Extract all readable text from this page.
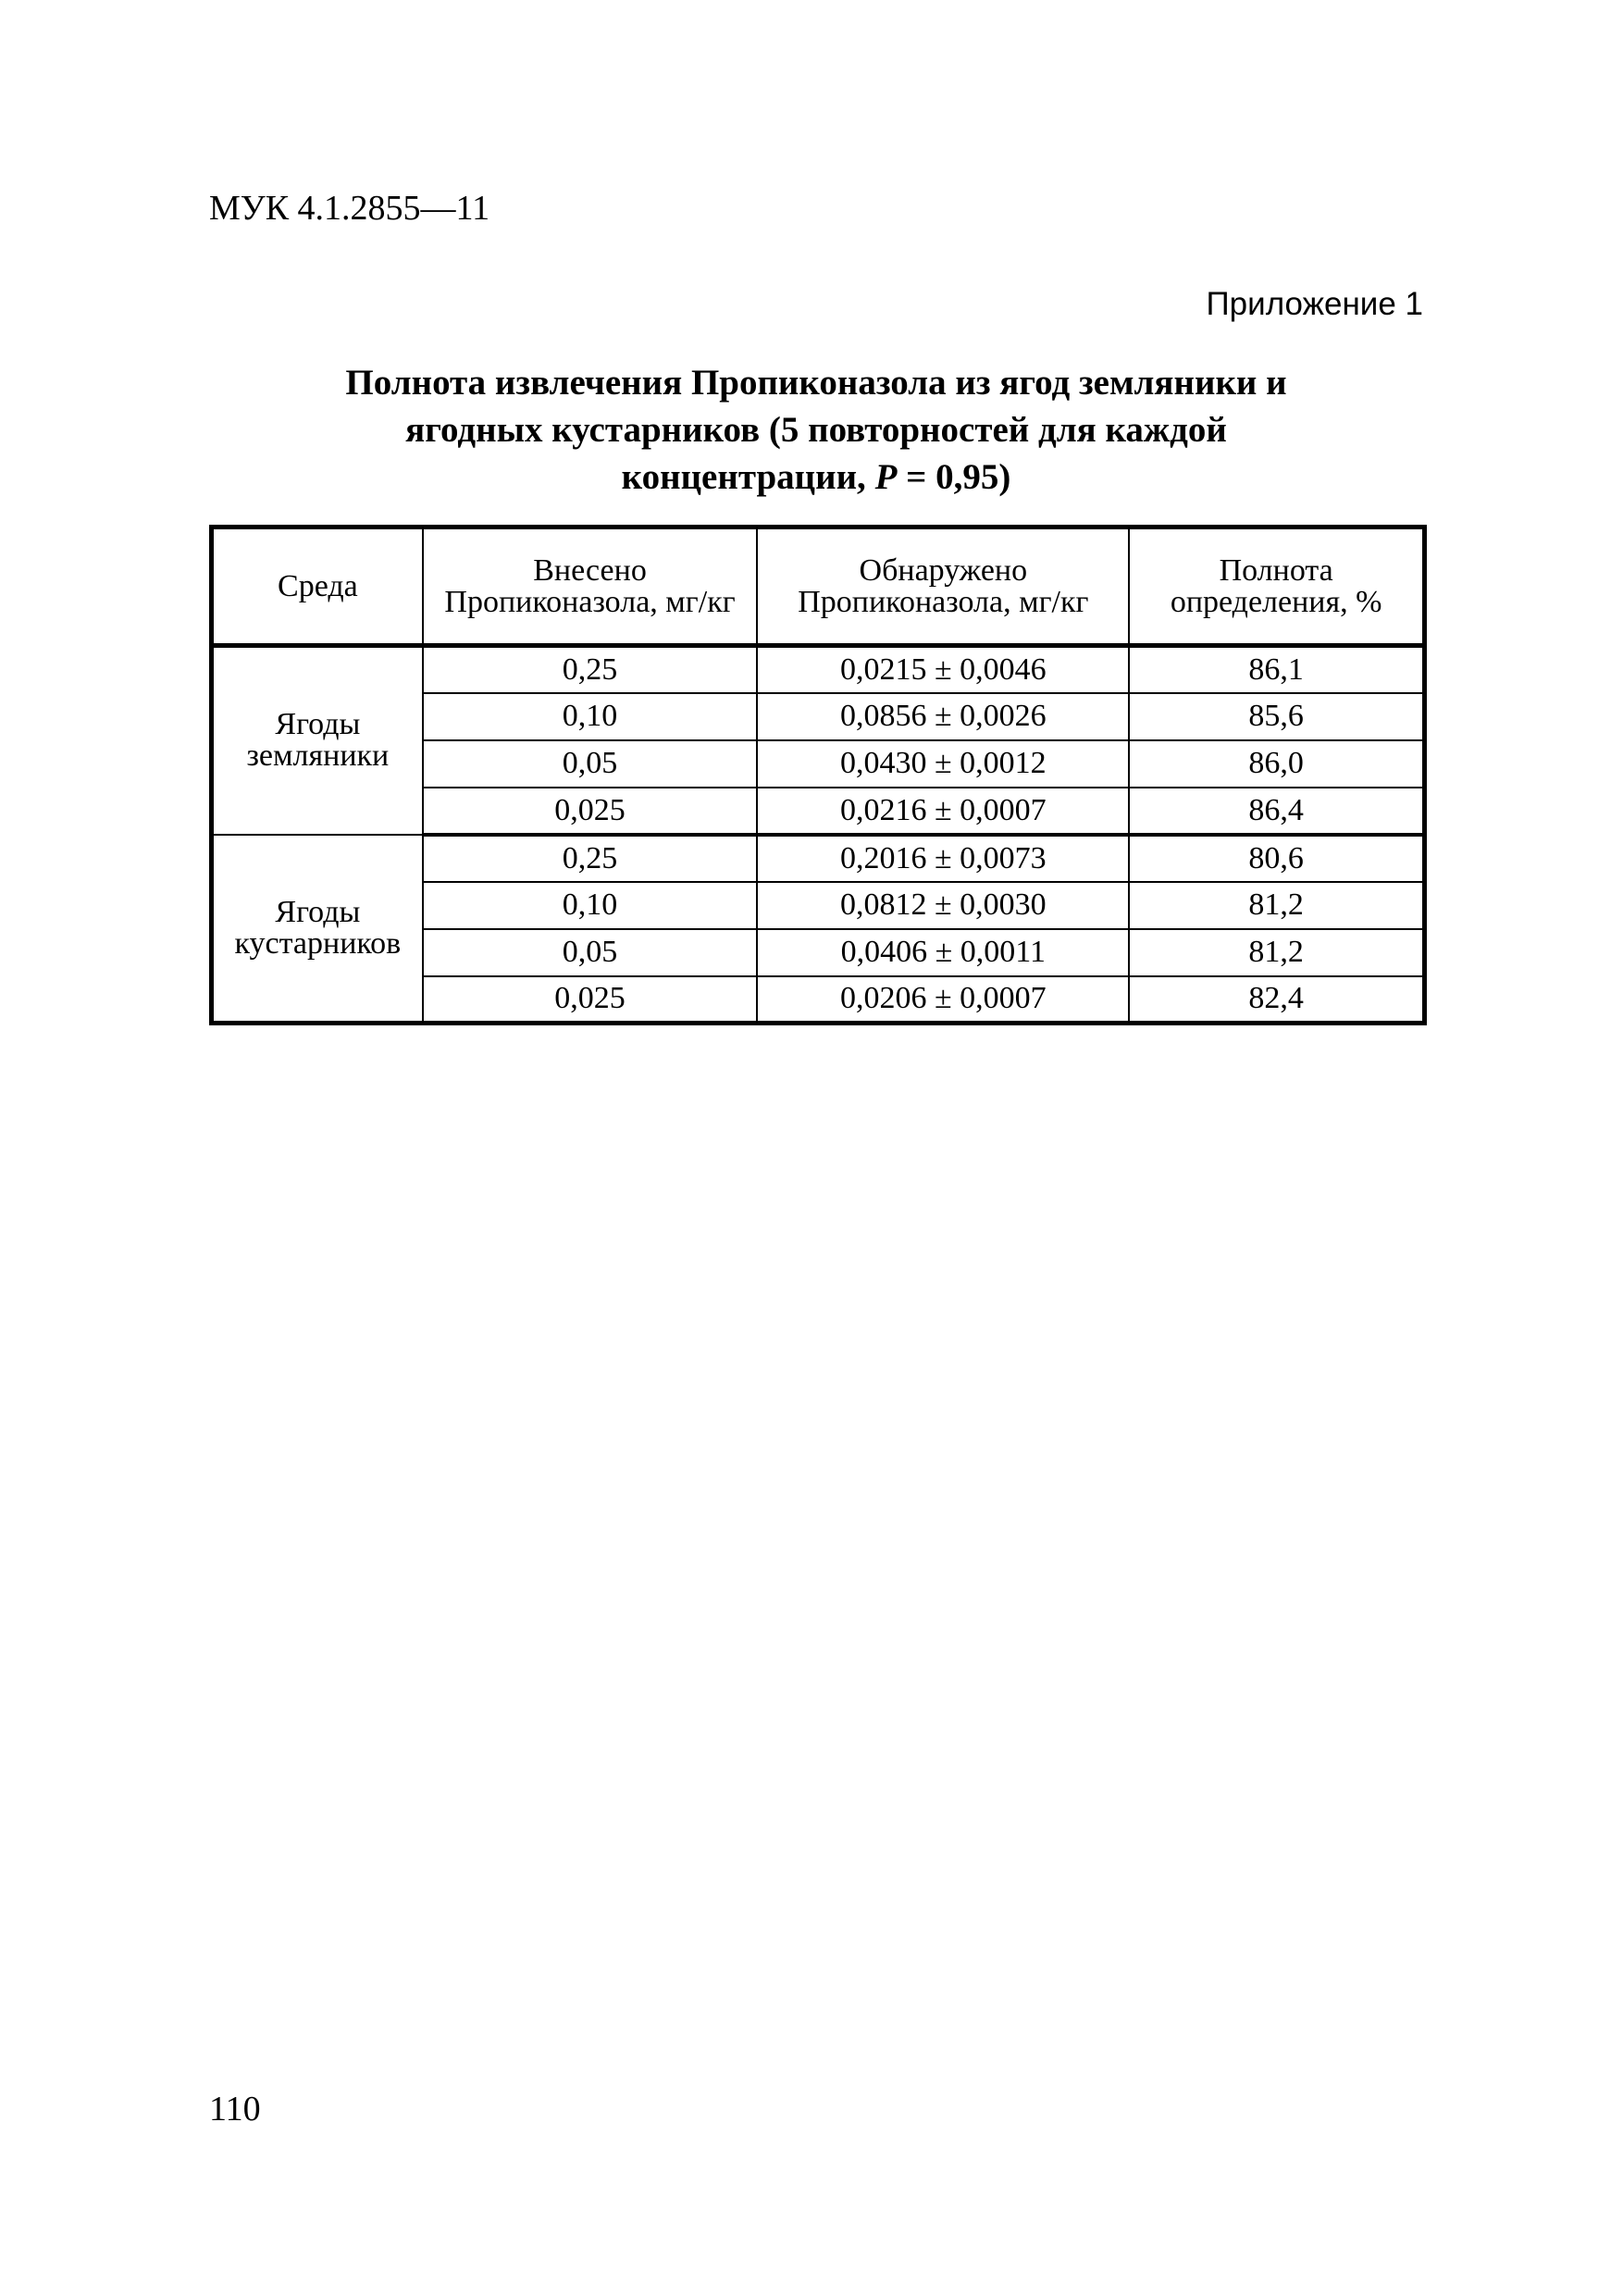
МУК 4.1.2855—11
Приложение 1
Полнота извлечения Пропиконазола из ягод земляники и
ягодных кустарников (5 повторностей для каждой
концентрации, P = 0,95)
Среда	Внесено Пропиконазола, мг/кг	Обнаружено Пропиконазола, мг/кг	Полнота определения, %
Ягоды земляники	0,25	0,0215 ± 0,0046	86,1
	0,10	0,0856 ± 0,0026	85,6
	0,05	0,0430 ± 0,0012	86,0
	0,025	0,0216 ± 0,0007	86,4
Ягоды кустарников	0,25	0,2016 ± 0,0073	80,6
	0,10	0,0812 ± 0,0030	81,2
	0,05	0,0406 ± 0,0011	81,2
	0,025	0,0206 ± 0,0007	82,4
110
